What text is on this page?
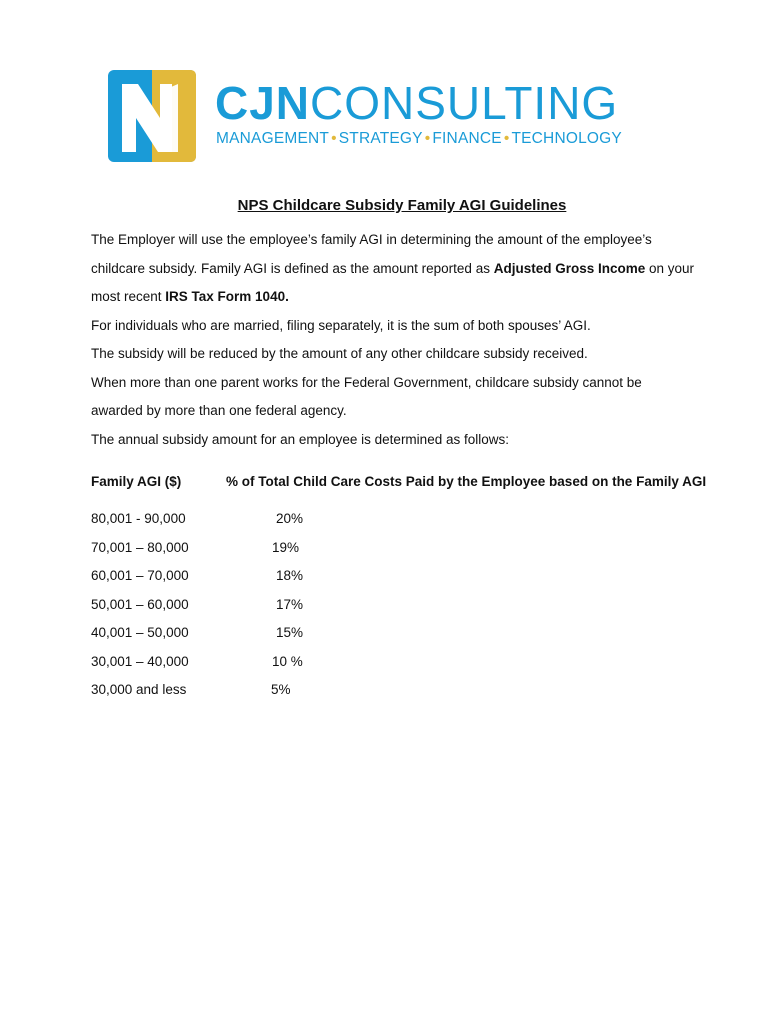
CJNCONSULTING
MANAGEMENT • STRATEGY • FINANCE • TECHNOLOGY
NPS Childcare Subsidy Family AGI Guidelines

The Employer will use the employee’s family AGI in determining the amount of the employee’s

childcare subsidy. Family AGI is defined as the amount reported as Adjusted Gross Income on your

most recent IRS Tax Form 1040.

For individuals who are married, filing separately, it is the sum of both spouses’ AGI.

The subsidy will be reduced by the amount of any other childcare subsidy received.

When more than one parent works for the Federal Government, childcare subsidy cannot be

awarded by more than one federal agency.

The annual subsidy amount for an employee is determined as follows:

Family AGI ($)	% of Total Child Care Costs Paid by the Employee based on the Family AGI
80,001 - 90,000	20%
70,001 – 80,000	19%
60,001 – 70,000	18%
50,001 – 60,000	17%
40,001 – 50,000	15%
30,001 – 40,000	10 %
30,000 and less	5%
